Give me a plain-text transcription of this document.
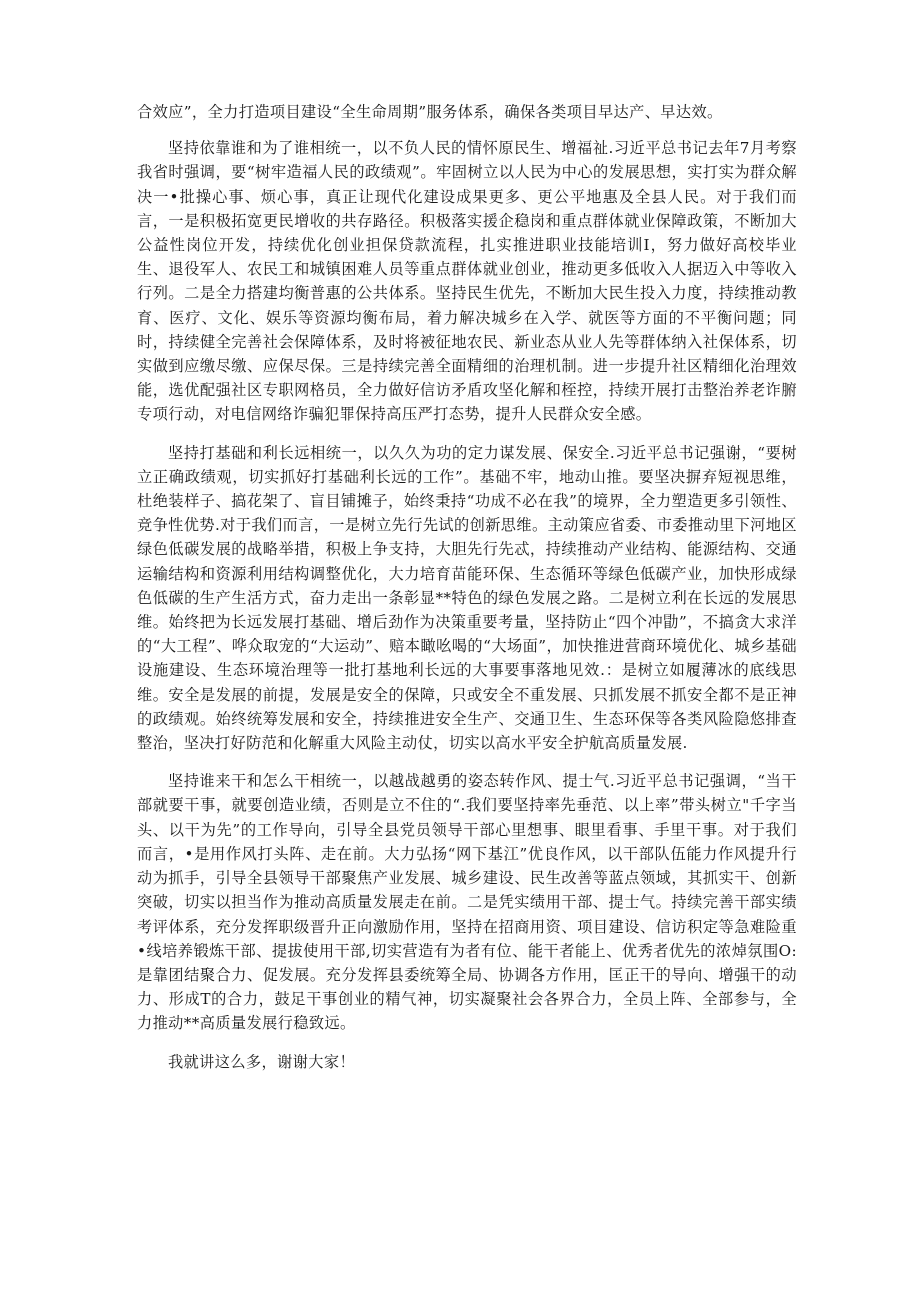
合效应”，全力打造项目建设“全生命周期”服务体系，确保各类项目早达产、早达效。

坚持依靠谁和为了谁相统一，以不负人民的情怀原民生、增福祉.习近平总书记去年7月考察我省时强调，要“树牢造福人民的政绩观”。牢固树立以人民为中心的发展思想，实打实为群众解决一•批操心事、烦心事，真正让现代化建设成果更多、更公平地惠及全县人民。对于我们而言，一是积极拓宽更民增收的共存路径。积极落实援企稳岗和重点群体就业保障政策，不断加大公益性岗位开发，持续优化创业担保贷款流程，扎实推进职业技能培训I，努力做好高校毕业生、退役军人、农民工和城镇困难人员等重点群体就业创业，推动更多低收入人据迈入中等收入行列。二是全力搭建均衡普惠的公共体系。坚持民生优先，不断加大民生投入力度，持续推动教育、医疗、文化、娱乐等资源均衡布局，着力解决城乡在入学、就医等方面的不平衡问题；同时，持续健全完善社会保障体系，及时将被征地农民、新业态从业人先等群体纳入社保体系，切实做到应缴尽缴、应保尽保。三是持续完善全面精细的治理机制。进一步提升社区精细化治理效能，选优配强社区专职网格员，全力做好信访矛盾攻坚化解和桎控，持续开展打击整治养老诈腑专项行动，对电信网络诈骗犯罪保持高压严打态势，提升人民群众安全感。

坚持打基础和利长远相统一，以久久为功的定力谋发展、保安全.习近平总书记强谢，“要树立正确政绩观，切实抓好打基础利长远的工作”。基础不牢，地动山推。要坚决摒弃短视思维，杜绝装样子、搞花架了、盲目铺摊子，始终秉持“功成不必在我”的境界，全力塑造更多引领性、竞争性优势.对于我们而言，一是树立先行先试的创新思维。主动策应省委、市委推动里下河地区绿色低碳发展的战略举措，积极上争支持，大胆先行先忒，持续推动产业结构、能源结构、交通运输结构和资源利用结构调整优化，大力培育苗能环保、生态循环等绿色低碳产业，加快形成绿色低碳的生产生活方式，奋力走出一条彰显**特色的绿色发展之路。二是树立利在长远的发展思维。始终把为长远发展打基础、增后劲作为决策重要考量，坚持防止“四个冲勖”，不搞贪大求洋的“大工程”、哗众取宠的“大运动”、赔本瞰吆喝的“大场面”，加快推进营商环境优化、城乡基础设施建设、生态环境治理等一批打基地利长远的大事要事落地见效.：是树立如履薄冰的底线思维。安全是发展的前提，发展是安全的保障，只或安全不重发展、只抓发展不抓安全都不是正神的政绩观。始终统筹发展和安全，持续推进安全生产、交通卫生、生态环保等各类风险隐悠排查整治，坚决打好防范和化解重大风险主动仗，切实以高水平安全护航高质量发展.

坚持谁来干和怎么干相统一，以越战越勇的姿态转作风、提士气.习近平总书记强调，“当干部就要干事，就要创造业绩，否则是立不住的“.我们要坚持率先垂范、以上率”带头树立"千字当头、以干为先”的工作导向，引导全县党员领导干部心里想事、眼里看事、手里干事。对于我们而言，•是用作风打头阵、走在前。大力弘扬“网下基江”优良作风，以干部队伍能力作风提升行动为抓手，引导全县领导干部聚焦产业发展、城乡建设、民生改善等蓝点领域，其抓实干、创新突破，切实以担当作为推动高质量发展走在前。二是凭实绩用干部、提士气。持续完善干部实绩考评体系，充分发挥职级晋升正向激励作用，坚持在招商用资、项目建设、信访积定等急难险重•线培养锻炼干部、提拔使用干部,切实营造有为者有位、能干者能上、优秀者优先的浓焯氛围O:是靠团结聚合力、促发展。充分发挥县委统筹全局、协调各方作用，匡正干的导向、增强干的动力、形成T的合力，鼓足干事创业的精气神，切实凝聚社会各界合力，全员上阵、全部参与，全力推动**高质量发展行稳致远。

我就讲这么多，谢谢大家！
